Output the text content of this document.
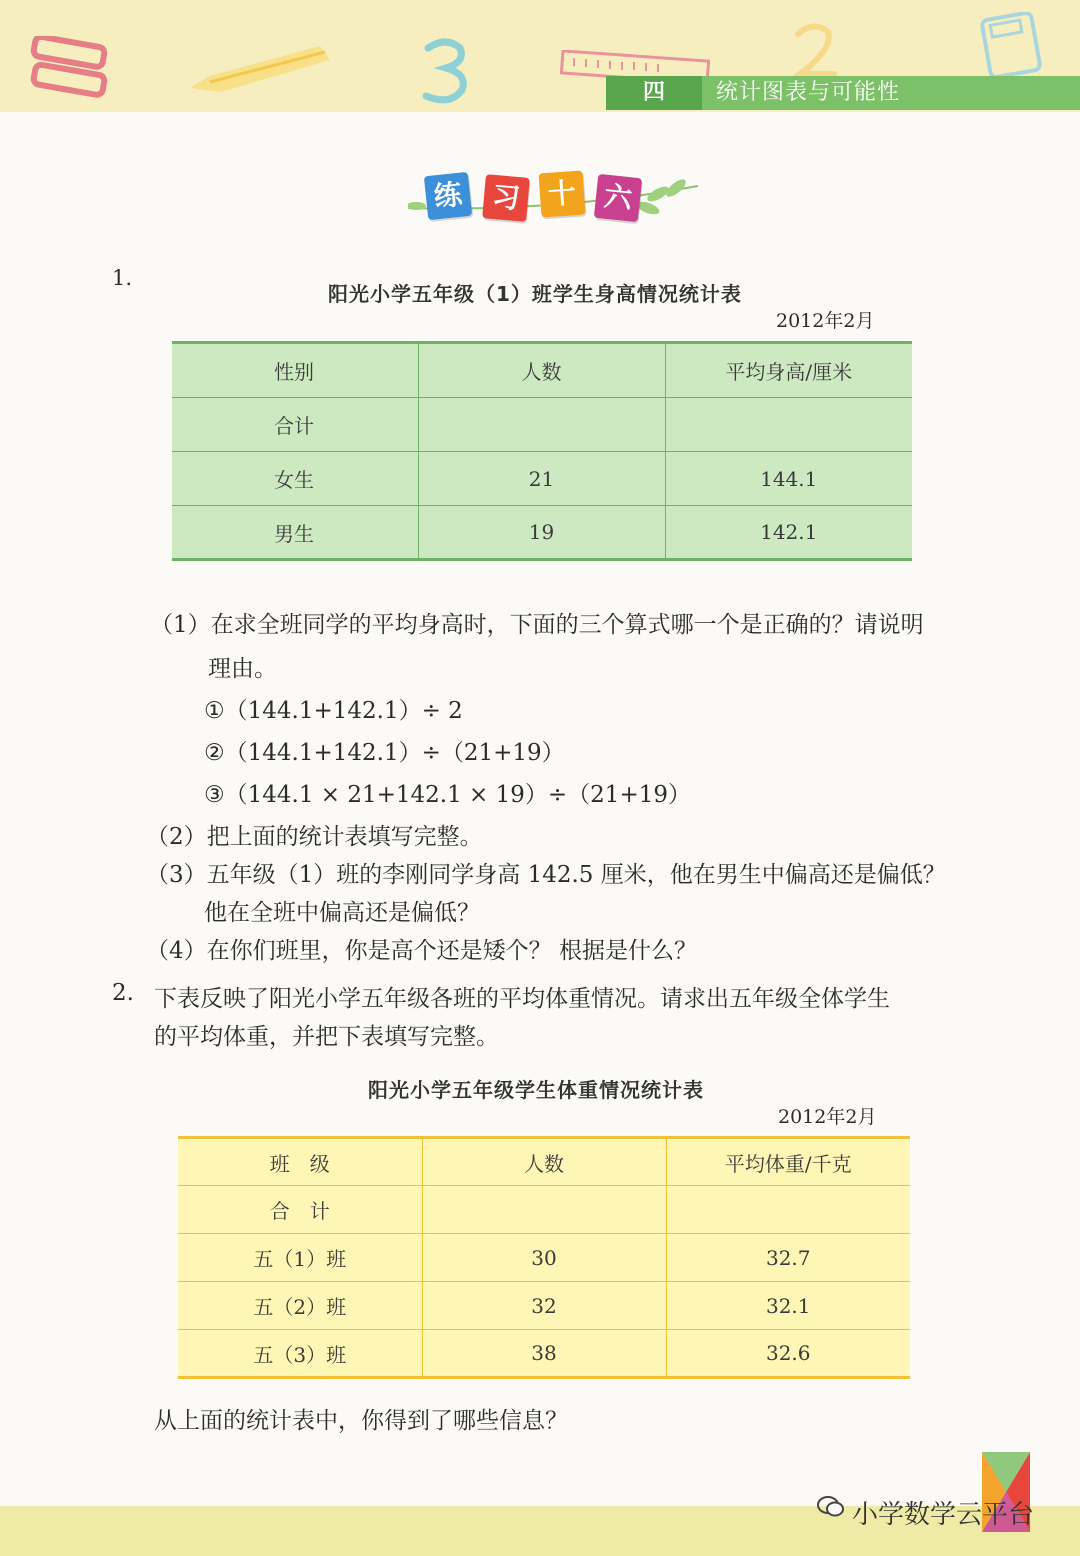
四	统计图表与可能性
练 习 十 六
1.
阳光小学五年级（1）班学生身高情况统计表
2012年2月
性别	人数	平均身高/厘米
合计		
女生	21	144.1
男生	19	142.1
（1）在求全班同学的平均身高时，下面的三个算式哪一个是正确的？请说明
理由。
①（144.1+142.1）÷ 2
②（144.1+142.1）÷（21+19）
③（144.1 × 21+142.1 × 19）÷（21+19）
（2）把上面的统计表填写完整。
（3）五年级（1）班的李刚同学身高 142.5 厘米，他在男生中偏高还是偏低？
他在全班中偏高还是偏低？
（4）在你们班里，你是高个还是矮个？ 根据是什么？
2. 下表反映了阳光小学五年级各班的平均体重情况。请求出五年级全体学生
的平均体重，并把下表填写完整。
阳光小学五年级学生体重情况统计表
2012年2月
班　级	人数	平均体重/千克
合　计		
五（1）班	30	32.7
五（2）班	32	32.1
五（3）班	38	32.6
从上面的统计表中，你得到了哪些信息？
小学数学云平台
